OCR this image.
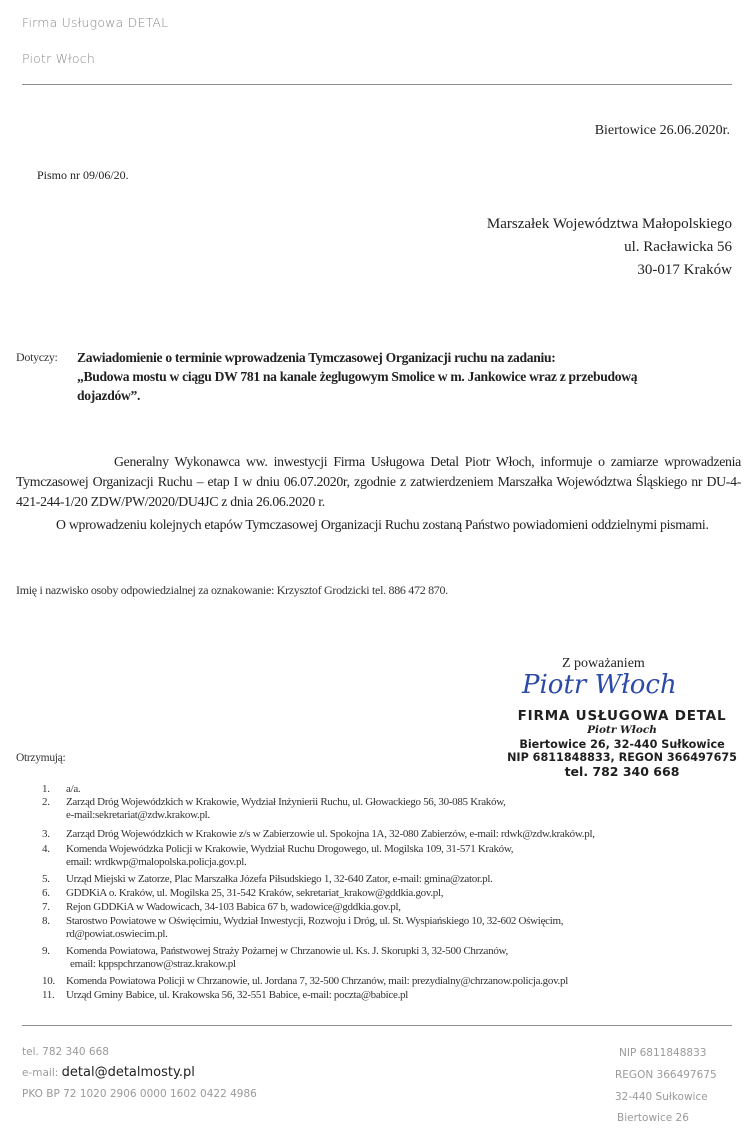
Firma Usługowa DETAL
Piotr Włoch
Biertowice 26.06.2020r.
Pismo nr 09/06/20.
Marszałek Województwa Małopolskiego
ul. Racławicka 56
30-017 Kraków
Dotyczy: Zawiadomienie o terminie wprowadzenia Tymczasowej Organizacji ruchu na zadaniu:
„Budowa mostu w ciągu DW 781 na kanale żeglugowym Smolice w m. Jankowice wraz z przebudową
dojazdów”.
Generalny Wykonawca ww. inwestycji Firma Usługowa Detal Piotr Włoch, informuje o zamiarze wprowadzenia Tymczasowej Organizacji Ruchu – etap I w dniu 06.07.2020r, zgodnie z zatwierdzeniem Marszałka Województwa Śląskiego nr DU-4-421-244-1/20 ZDW/PW/2020/DU4JC z dnia 26.06.2020 r.
O wprowadzeniu kolejnych etapów Tymczasowej Organizacji Ruchu zostaną Państwo powiadomieni oddzielnymi pismami.
Imię i nazwisko osoby odpowiedzialnej za oznakowanie: Krzysztof Grodzicki tel. 886 472 870.
Z poważaniem
Piotr Włoch
FIRMA USŁUGOWA DETAL
Piotr Włoch
Biertowice 26, 32-440 Sułkowice
NIP 6811848833, REGON 366497675
tel. 782 340 668
Otrzymują:
1.	a/a.
2.	Zarząd Dróg Wojewódzkich w Krakowie, Wydział Inżynierii Ruchu, ul. Głowackiego 56, 30-085 Kraków,
e-mail:sekretariat@zdw.krakow.pl.
3.	Zarząd Dróg Wojewódzkich w Krakowie z/s w Zabierzowie ul. Spokojna 1A, 32-080 Zabierzów, e-mail: rdwk@zdw.kraków.pl,
4.	Komenda Wojewódzka Policji w Krakowie, Wydział Ruchu Drogowego, ul. Mogilska 109, 31-571 Kraków,
email: wrdkwp@malopolska.policja.gov.pl.
5.	Urząd Miejski w Zatorze, Plac Marszałka Józefa Piłsudskiego 1, 32-640 Zator, e-mail: gmina@zator.pl.
6.	GDDKiA o. Kraków, ul. Mogilska 25, 31-542 Kraków, sekretariat_krakow@gddkia.gov.pl,
7.	Rejon GDDKiA w Wadowicach, 34-103 Babica 67 b, wadowice@gddkia.gov.pl,
8.	Starostwo Powiatowe w Oświęcimiu, Wydział Inwestycji, Rozwoju i Dróg, ul. St. Wyspiańskiego 10, 32-602 Oświęcim,
rd@powiat.oswiecim.pl.
9.	Komenda Powiatowa, Państwowej Straży Pożarnej w Chrzanowie ul. Ks. J. Skorupki 3, 32-500 Chrzanów,
email: kppspchrzanow@straz.krakow.pl
10.	Komenda Powiatowa Policji w Chrzanowie, ul. Jordana 7, 32-500 Chrzanów, mail: prezydialny@chrzanow.policja.gov.pl
11.	Urząd Gminy Babice, ul. Krakowska 56, 32-551 Babice, e-mail: poczta@babice.pl
tel. 782 340 668
e-mail: detal@detalmosty.pl
PKO BP 72 1020 2906 0000 1602 0422 4986
NIP 6811848833
REGON 366497675
32-440 Sułkowice
Biertowice 26
